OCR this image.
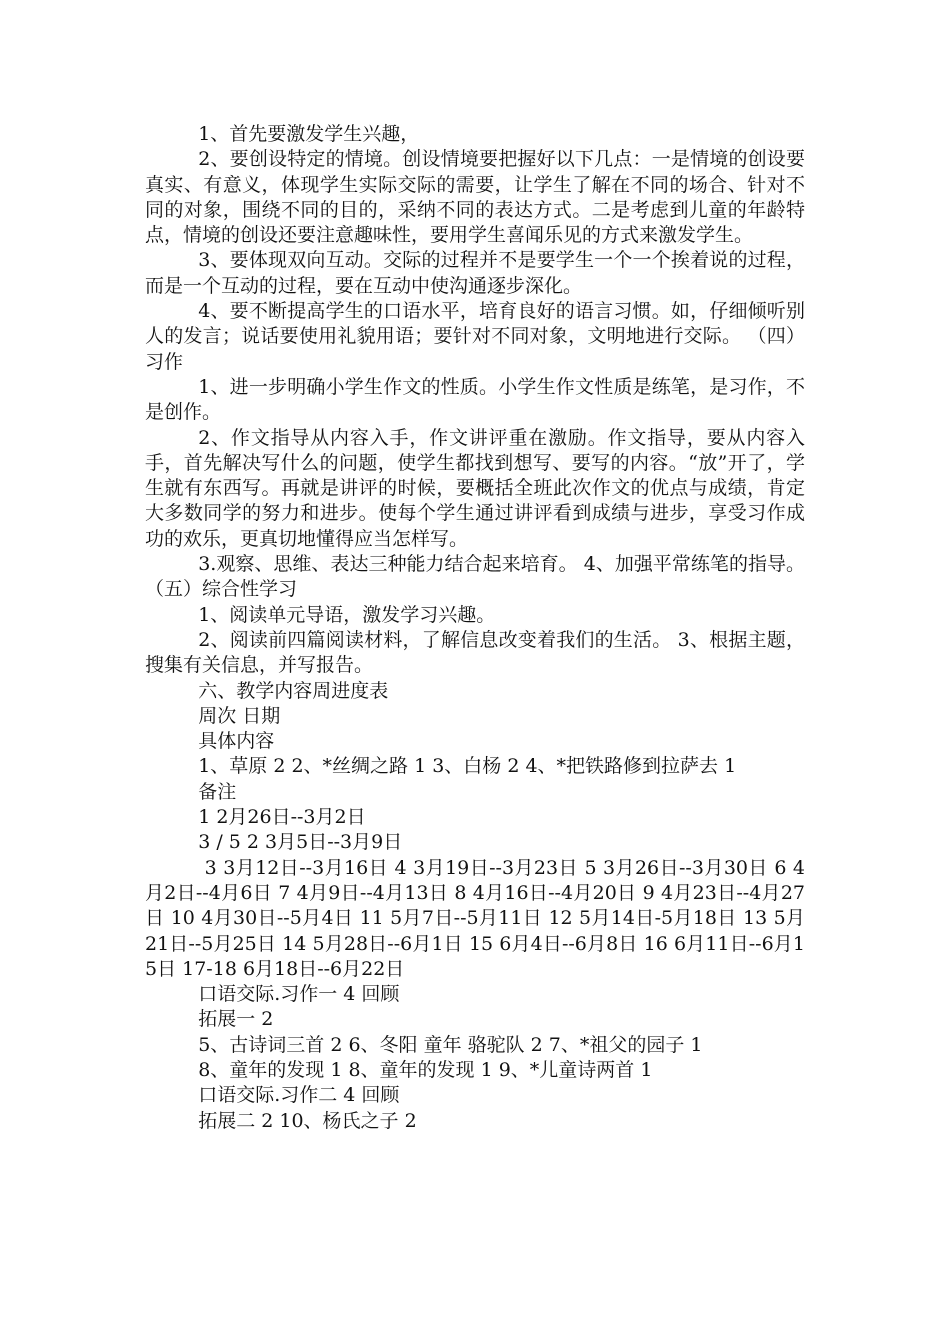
1、首先要激发学生兴趣，

2、要创设特定的情境。创设情境要把握好以下几点：一是情境的创设要真实、有意义，体现学生实际交际的需要，让学生了解在不同的场合、针对不同的对象，围绕不同的目的，采纳不同的表达方式。二是考虑到儿童的年龄特点，情境的创设还要注意趣味性，要用学生喜闻乐见的方式来激发学生。

3、要体现双向互动。交际的过程并不是要学生一个一个挨着说的过程，而是一个互动的过程，要在互动中使沟通逐步深化。

4、要不断提高学生的口语水平，培育良好的语言习惯。如，仔细倾听别人的发言；说话要使用礼貌用语；要针对不同对象，文明地进行交际。 （四）习作

1、进一步明确小学生作文的性质。小学生作文性质是练笔，是习作，不是创作。

2、作文指导从内容入手，作文讲评重在激励。作文指导，要从内容入手，首先解决写什么的问题，使学生都找到想写、要写的内容。“放”开了，学生就有东西写。再就是讲评的时候，要概括全班此次作文的优点与成绩，肯定大多数同学的努力和进步。使每个学生通过讲评看到成绩与进步，享受习作成功的欢乐，更真切地懂得应当怎样写。

3.观察、思维、表达三种能力结合起来培育。 4、加强平常练笔的指导。 （五）综合性学习

1、阅读单元导语，激发学习兴趣。

2、阅读前四篇阅读材料，了解信息改变着我们的生活。 3、根据主题，搜集有关信息，并写报告。

六、教学内容周进度表

周次 日期

具体内容

1、草原 2 2、*丝绸之路 1 3、白杨 2 4、*把铁路修到拉萨去 1

备注

1 2月26日--3月2日

3 / 5 2 3月5日--3月9日

3 3月12日--3月16日 4 3月19日--3月23日 5 3月26日--3月30日 6 4月2日--4月6日 7 4月9日--4月13日 8 4月16日--4月20日 9 4月23日--4月27日 10 4月30日--5月4日 11 5月7日--5月11日 12 5月14日-5月18日 13 5月21日--5月25日 14 5月28日--6月1日 15 6月4日--6月8日 16 6月11日--6月15日 17-18 6月18日--6月22日

口语交际.习作一 4 回顾

拓展一 2

5、古诗词三首 2 6、冬阳 童年 骆驼队 2 7、*祖父的园子 1

8、童年的发现 1 8、童年的发现 1 9、*儿童诗两首 1

口语交际.习作二 4 回顾

拓展二 2 10、杨氏之子 2
